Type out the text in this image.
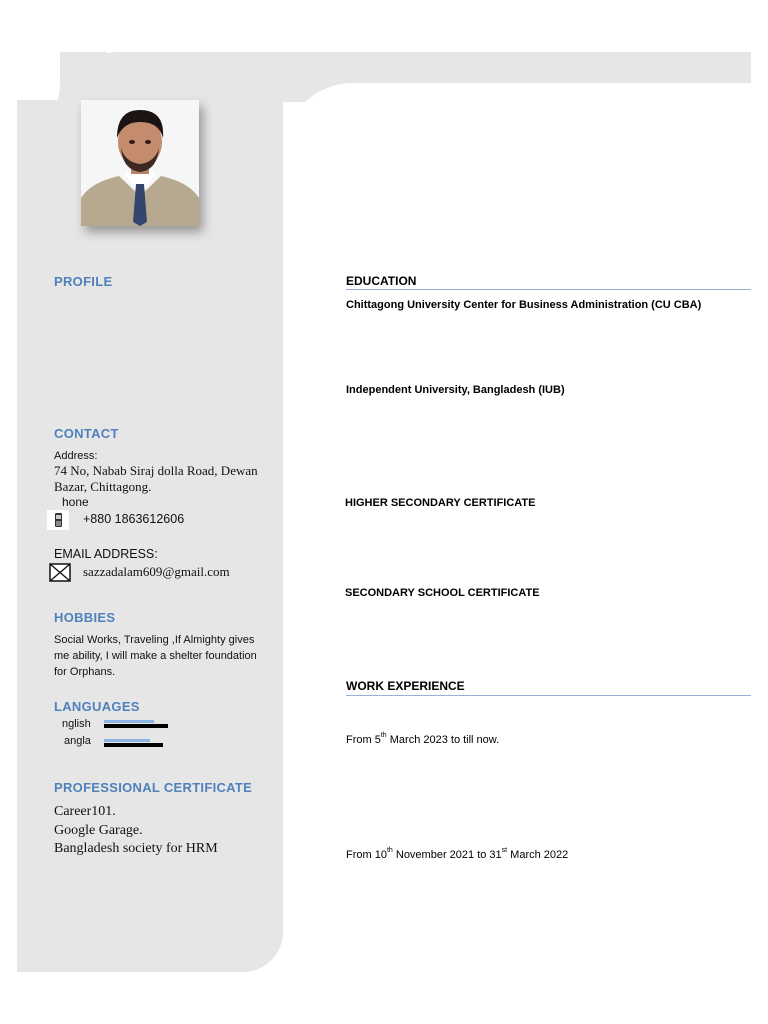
PROFILE
CONTACT
Address:
74 No, Nabab Siraj dolla Road, Dewan
Bazar, Chittagong.
hone
+880 1863612606
EMAIL ADDRESS:
sazzadalam609@gmail.com
HOBBIES
Social Works, Traveling ,If Almighty gives
me ability, I will make a shelter foundation
for Orphans.
LANGUAGES
nglish
angla
PROFESSIONAL CERTIFICATE
Career101.
Google Garage.
Bangladesh society for HRM
EDUCATION
Chittagong University Center for Business Administration (CU CBA)
Independent University, Bangladesh (IUB)
HIGHER SECONDARY CERTIFICATE
SECONDARY SCHOOL CERTIFICATE
WORK EXPERIENCE
From 5th March 2023 to till now.
From 10th November 2021 to 31st March 2022
